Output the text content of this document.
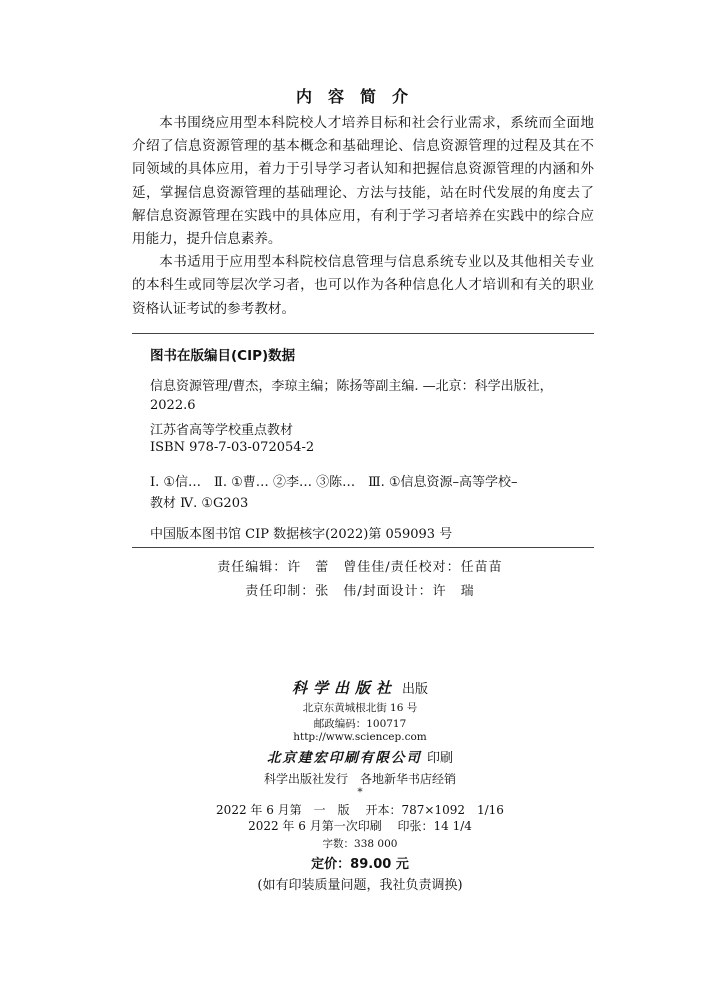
内容简介

本书围绕应用型本科院校人才培养目标和社会行业需求，系统而全面地介绍了信息资源管理的基本概念和基础理论、信息资源管理的过程及其在不同领域的具体应用，着力于引导学习者认知和把握信息资源管理的内涵和外延，掌握信息资源管理的基础理论、方法与技能，站在时代发展的角度去了解信息资源管理在实践中的具体应用，有利于学习者培养在实践中的综合应用能力，提升信息素养。

本书适用于应用型本科院校信息管理与信息系统专业以及其他相关专业的本科生或同等层次学习者，也可以作为各种信息化人才培训和有关的职业资格认证考试的参考教材。

图书在版编目(CIP)数据
信息资源管理/曹杰，李琼主编；陈扬等副主编. —北京：科学出版社，
2022.6
江苏省高等学校重点教材
ISBN 978-7-03-072054-2
Ⅰ. ①信…　Ⅱ. ①曹… ②李… ③陈…　Ⅲ. ①信息资源–高等学校–
教材 Ⅳ. ①G203
中国版本图书馆 CIP 数据核字(2022)第 059093 号
责任编辑：许　蕾　曾佳佳/责任校对：任苗苗
责任印制：张　伟/封面设计：许　瑞
科学出版社 出版
北京东黄城根北街 16 号
邮政编码：100717
http://www.sciencep.com
北京建宏印刷有限公司 印刷
科学出版社发行　各地新华书店经销
*
2022 年 6 月第　一　版　 开本：787×1092　1/16
2022 年 6 月第一次印刷　 印张：14 1/4
字数：338 000
定价：89.00 元
(如有印装质量问题，我社负责调换)
